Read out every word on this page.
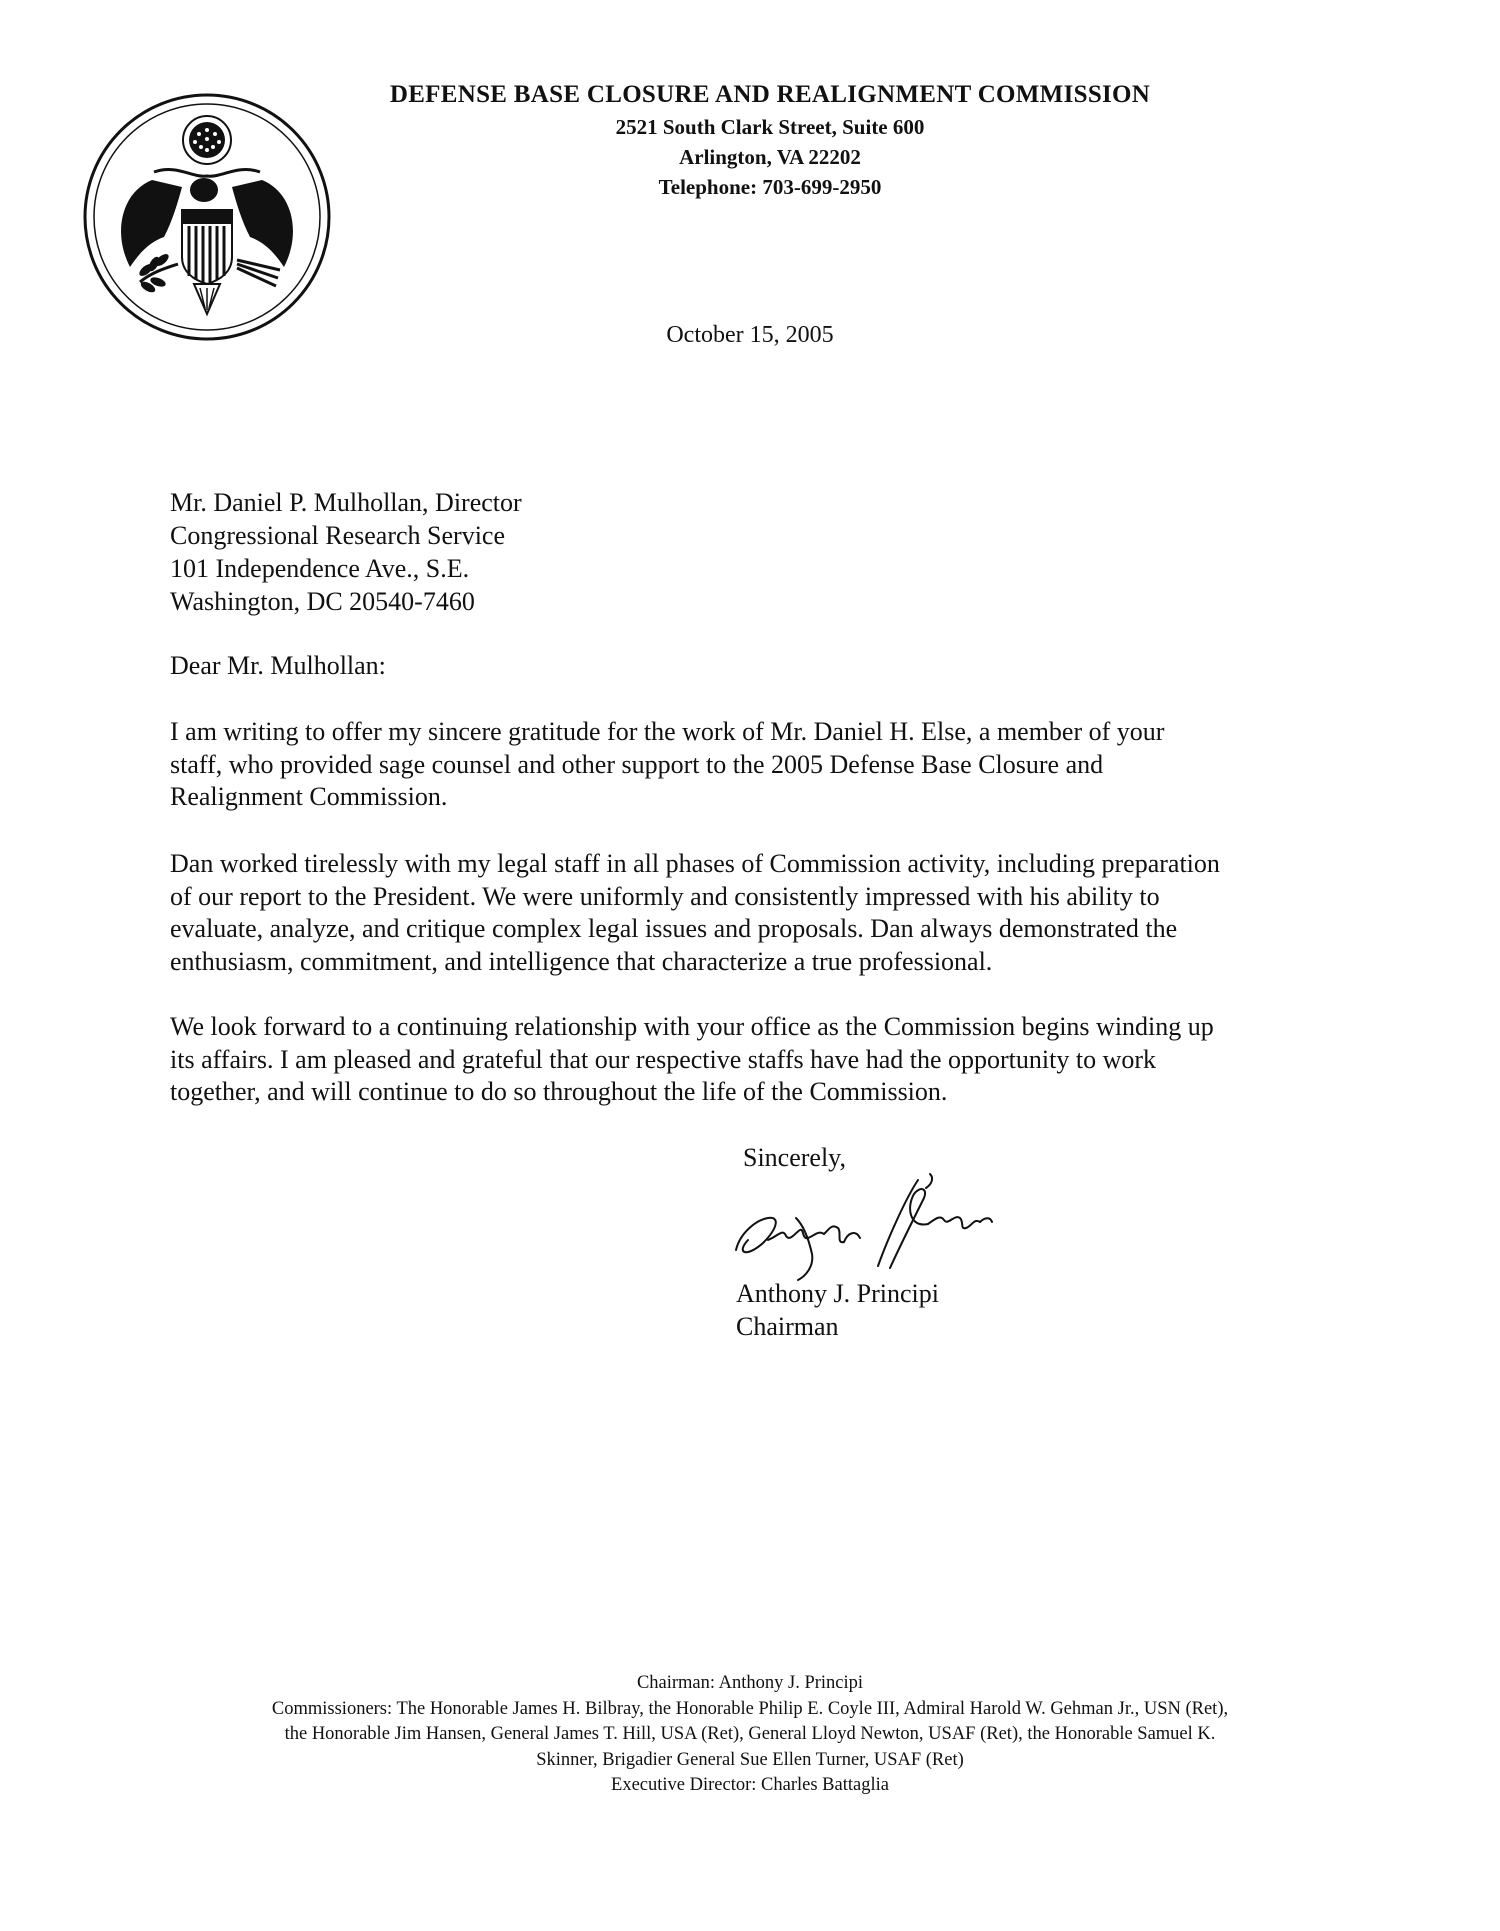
DEFENSE BASE CLOSURE AND REALIGNMENT COMMISSION
2521 South Clark Street, Suite 600
Arlington, VA 22202
Telephone: 703-699-2950
October 15, 2005
Mr. Daniel P. Mulhollan, Director
Congressional Research Service
101 Independence Ave., S.E.
Washington, DC 20540-7460
Dear Mr. Mulhollan:
I am writing to offer my sincere gratitude for the work of Mr. Daniel H. Else, a member of your
staff, who provided sage counsel and other support to the 2005 Defense Base Closure and
Realignment Commission.
Dan worked tirelessly with my legal staff in all phases of Commission activity, including preparation
of our report to the President. We were uniformly and consistently impressed with his ability to
evaluate, analyze, and critique complex legal issues and proposals. Dan always demonstrated the
enthusiasm, commitment, and intelligence that characterize a true professional.
We look forward to a continuing relationship with your office as the Commission begins winding up
its affairs. I am pleased and grateful that our respective staffs have had the opportunity to work
together, and will continue to do so throughout the life of the Commission.
Sincerely,
Anthony J. Principi
Chairman
Chairman: Anthony J. Principi
Commissioners: The Honorable James H. Bilbray, the Honorable Philip E. Coyle III, Admiral Harold W. Gehman Jr., USN (Ret),
the Honorable Jim Hansen, General James T. Hill, USA (Ret), General Lloyd Newton, USAF (Ret), the Honorable Samuel K.
Skinner, Brigadier General Sue Ellen Turner, USAF (Ret)
Executive Director: Charles Battaglia
